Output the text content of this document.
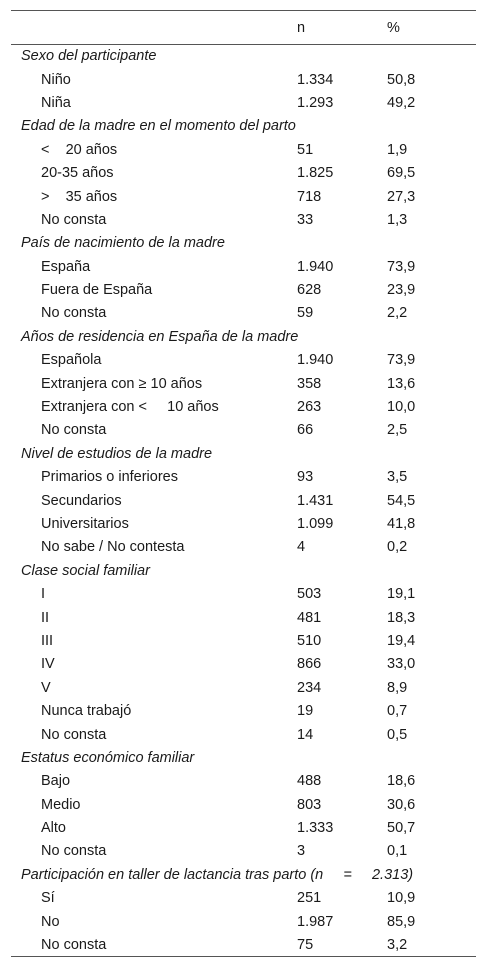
	n	%
Sexo del participante		
Niño	1.334	50,8
Niña	1.293	49,2
Edad de la madre en el momento del parto		
<    20 años	51	1,9
20-35 años	1.825	69,5
>    35 años	718	27,3
No consta	33	1,3
País de nacimiento de la madre		
España	1.940	73,9
Fuera de España	628	23,9
No consta	59	2,2
Años de residencia en España de la madre		
Española	1.940	73,9
Extranjera con ≥ 10 años	358	13,6
Extranjera con <     10 años	263	10,0
No consta	66	2,5
Nivel de estudios de la madre		
Primarios o inferiores	93	3,5
Secundarios	1.431	54,5
Universitarios	1.099	41,8
No sabe / No contesta	4	0,2
Clase social familiar		
I	503	19,1
II	481	18,3
III	510	19,4
IV	866	33,0
V	234	8,9
Nunca trabajó	19	0,7
No consta	14	0,5
Estatus económico familiar		
Bajo	488	18,6
Medio	803	30,6
Alto	1.333	50,7
No consta	3	0,1
Participación en taller de lactancia tras parto (n     =     2.313)		
Sí	251	10,9
No	1.987	85,9
No consta	75	3,2
